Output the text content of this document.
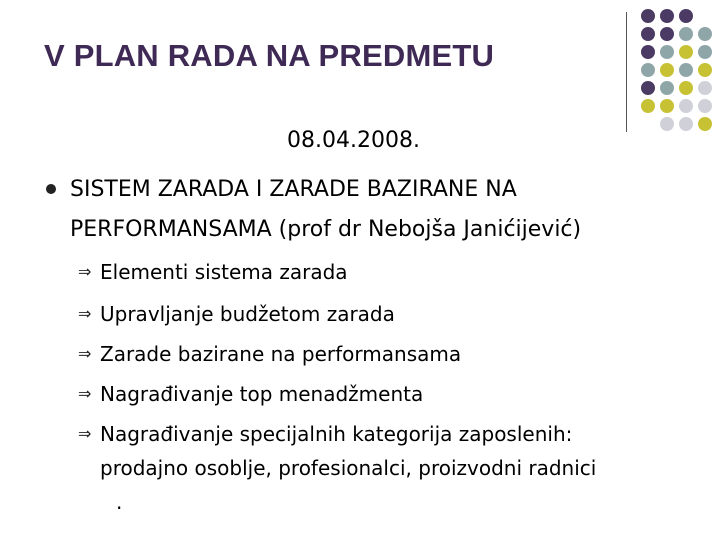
V PLAN RADA NA PREDMETU
08.04.2008.
SISTEM ZARADA I ZARADE BAZIRANE NA
PERFORMANSAMA (prof dr Nebojša Janićijević)
⇒ Elementi sistema zarada
⇒ Upravljanje budžetom zarada
⇒ Zarade bazirane na performansama
⇒ Nagrađivanje top menadžmenta
⇒ Nagrađivanje specijalnih kategorija zaposlenih:
prodajno osoblje, profesionalci, proizvodni radnici
.
